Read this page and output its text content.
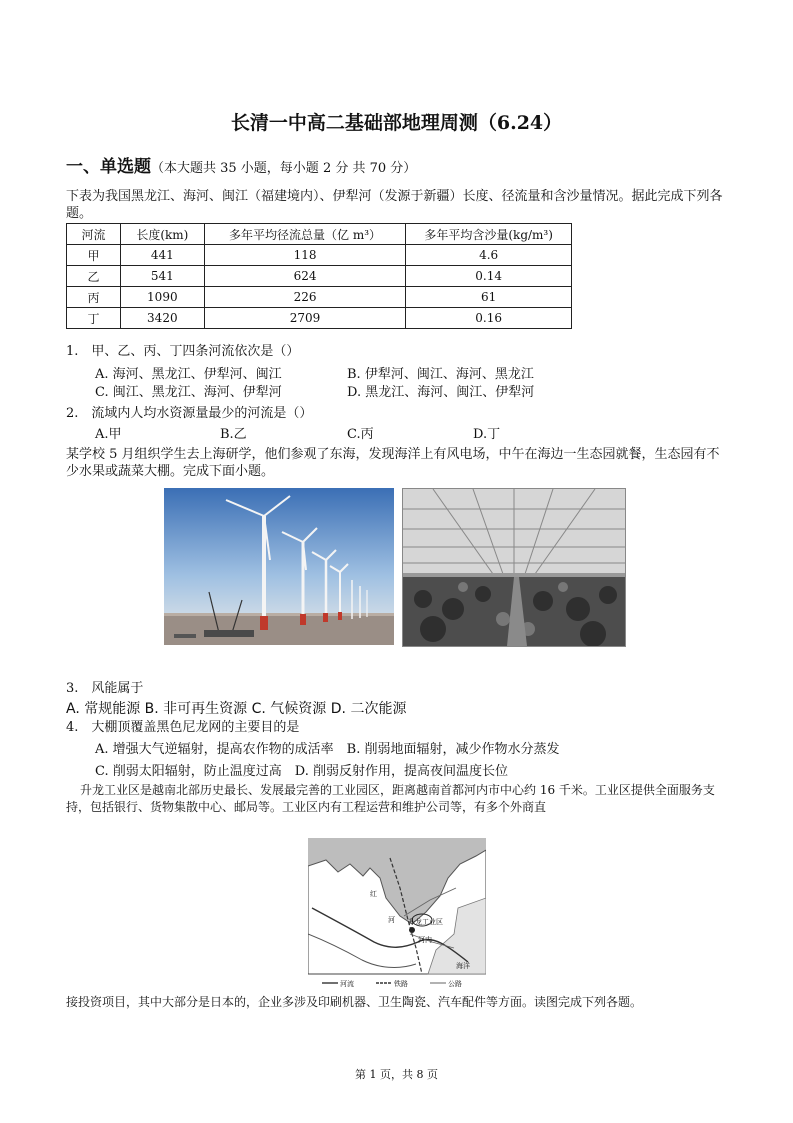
长清一中高二基础部地理周测（6.24）
一、单选题（本大题共 35 小题，每小题 2 分 共 70 分）
下表为我国黑龙江、海河、闽江（福建境内）、伊犁河（发源于新疆）长度、径流量和含沙量情况。据此完成下列各题。
河流	长度(km)	多年平均径流总量（亿 m³）	多年平均含沙量(kg/m³)
甲	441	118	4.6
乙	541	624	0.14
丙	1090	226	61
丁	3420	2709	0.16
1.　甲、乙、丙、丁四条河流依次是（）
A. 海河、黑龙江、伊犁河、闽江	B. 伊犁河、闽江、海河、黑龙江
C. 闽江、黑龙江、海河、伊犁河	D. 黑龙江、海河、闽江、伊犁河
2.　流域内人均水资源量最少的河流是（）
A.甲	B.乙	C.丙	D.丁
某学校 5 月组织学生去上海研学，他们参观了东海，发现海洋上有风电场，中午在海边一生态园就餐，生态园有不少水果或蔬菜大棚。完成下面小题。
3.　风能属于
A. 常规能源 B. 非可再生资源 C. 气候资源 D. 二次能源
4.　大棚顶覆盖黑色尼龙网的主要目的是
A. 增强大气逆辐射，提高农作物的成活率　B. 削弱地面辐射，减少作物水分蒸发
C. 削弱太阳辐射，防止温度过高　D. 削弱反射作用，提高夜间温度长位
升龙工业区是越南北部历史最长、发展最完善的工业园区，距离越南首都河内市中心约 16 千米。工业区提供全面服务支持，包括银行、货物集散中心、邮局等。工业区内有工程运营和维护公司等，有多个外商直
升龙工业区
河内
红
河
海洋
河流	铁路	公路
接投资项目，其中大部分是日本的，企业多涉及印刷机器、卫生陶瓷、汽车配件等方面。读图完成下列各题。
第 1 页，共 8 页
